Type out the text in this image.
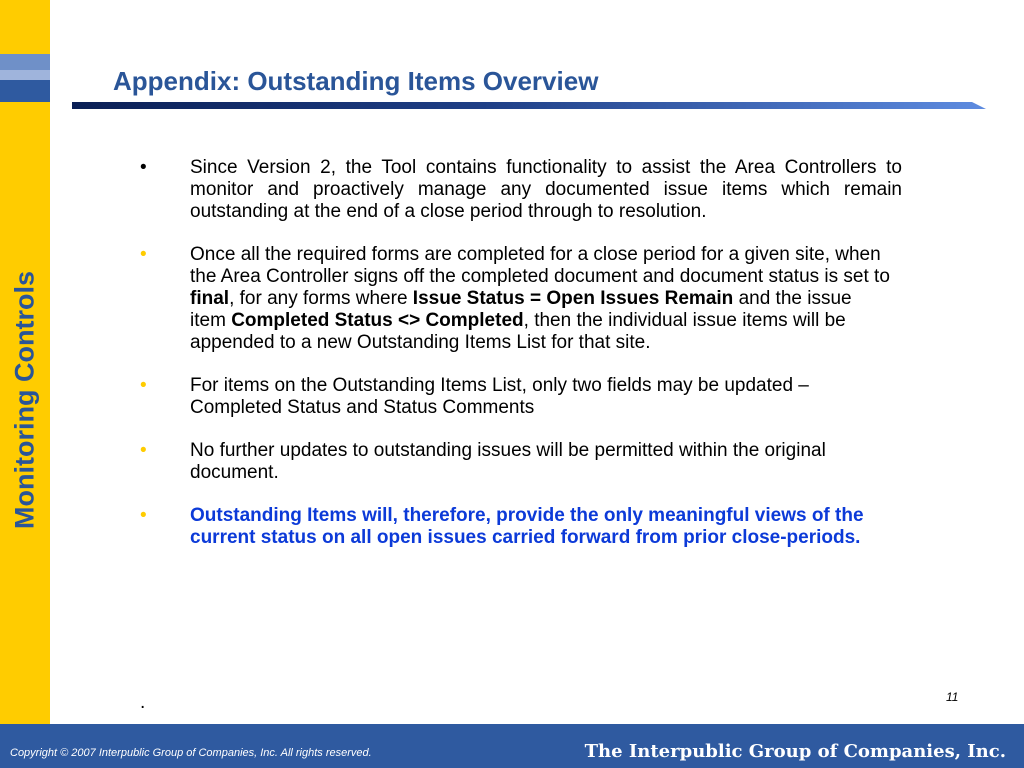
Monitoring Controls
Appendix: Outstanding Items Overview
• Since Version 2, the Tool contains functionality to assist the Area Controllers to monitor and proactively manage any documented issue items which remain outstanding at the end of a close period through to resolution.
• Once all the required forms are completed for a close period for a given site, when the Area Controller signs off the completed document and document status is set to final, for any forms where Issue Status = Open Issues Remain and the issue item Completed Status <> Completed, then the individual issue items will be appended to a new Outstanding Items List for that site.
• For items on the Outstanding Items List, only two fields may be updated – Completed Status and Status Comments
• No further updates to outstanding issues will be permitted within the original document.
• Outstanding Items will, therefore, provide the only meaningful views of the current status on all open issues carried forward from prior close-periods.
.	11
Copyright © 2007 Interpublic Group of Companies, Inc. All rights reserved.	The Interpublic Group of Companies, Inc.
